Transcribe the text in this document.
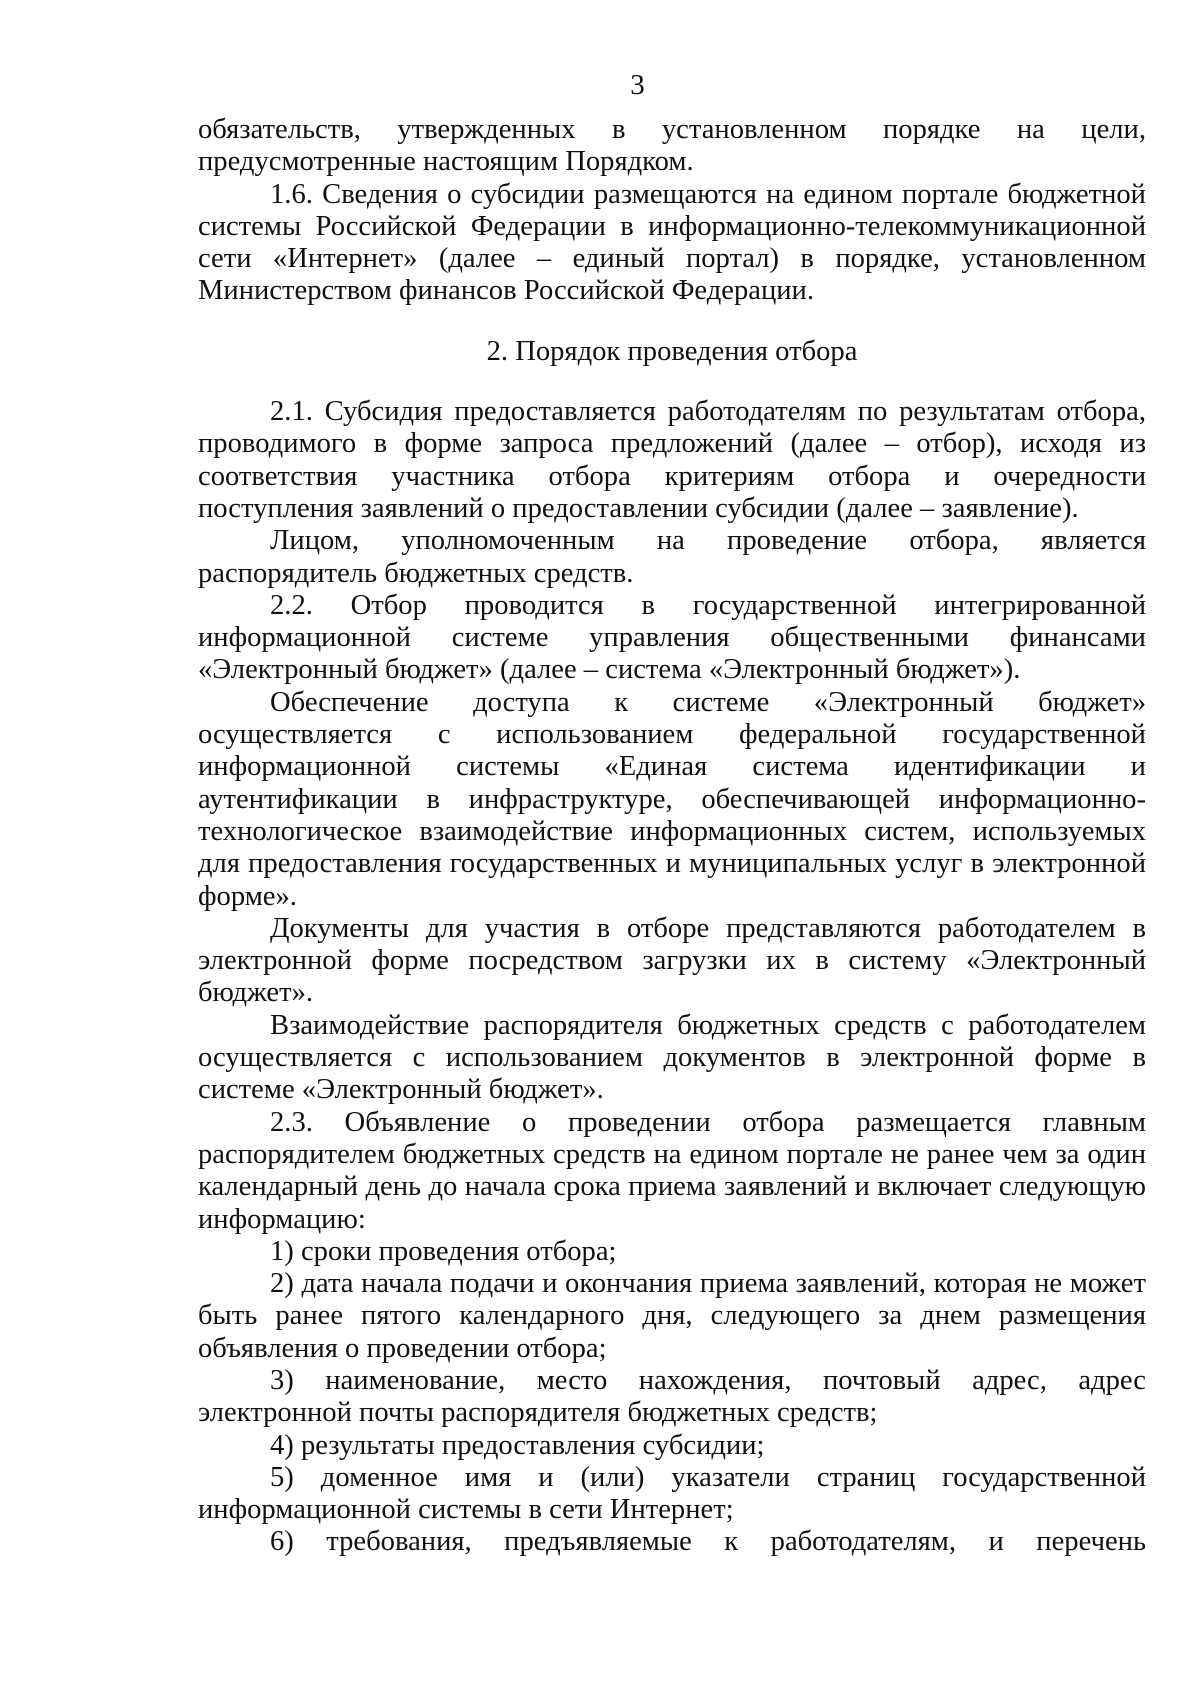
3

обязательств, утвержденных в установленном порядке на цели, предусмотренные настоящим Порядком.

1.6. Сведения о субсидии размещаются на едином портале бюджетной системы Российской Федерации в информационно-телекоммуникационной сети «Интернет» (далее – единый портал) в порядке, установленном Министерством финансов Российской Федерации.

2. Порядок проведения отбора

2.1. Субсидия предоставляется работодателям по результатам отбора, проводимого в форме запроса предложений (далее – отбор), исходя из соответствия участника отбора критериям отбора и очередности поступления заявлений о предоставлении субсидии (далее – заявление).

Лицом, уполномоченным на проведение отбора, является распорядитель бюджетных средств.

2.2. Отбор проводится в государственной интегрированной информационной системе управления общественными финансами «Электронный бюджет» (далее – система «Электронный бюджет»).

Обеспечение доступа к системе «Электронный бюджет» осуществляется с использованием федеральной государственной информационной системы «Единая система идентификации и аутентификации в инфраструктуре, обеспечивающей информационно-технологическое взаимодействие информационных систем, используемых для предоставления государственных и муниципальных услуг в электронной форме».

Документы для участия в отборе представляются работодателем в электронной форме посредством загрузки их в систему «Электронный бюджет».

Взаимодействие распорядителя бюджетных средств с работодателем осуществляется с использованием документов в электронной форме в системе «Электронный бюджет».

2.3. Объявление о проведении отбора размещается главным распорядителем бюджетных средств на едином портале не ранее чем за один календарный день до начала срока приема заявлений и включает следующую информацию:

1) сроки проведения отбора;

2) дата начала подачи и окончания приема заявлений, которая не может быть ранее пятого календарного дня, следующего за днем размещения объявления о проведении отбора;

3) наименование, место нахождения, почтовый адрес, адрес электронной почты распорядителя бюджетных средств;

4) результаты предоставления субсидии;

5) доменное имя и (или) указатели страниц государственной информационной системы в сети Интернет;

6) требования, предъявляемые к работодателям, и перечень
